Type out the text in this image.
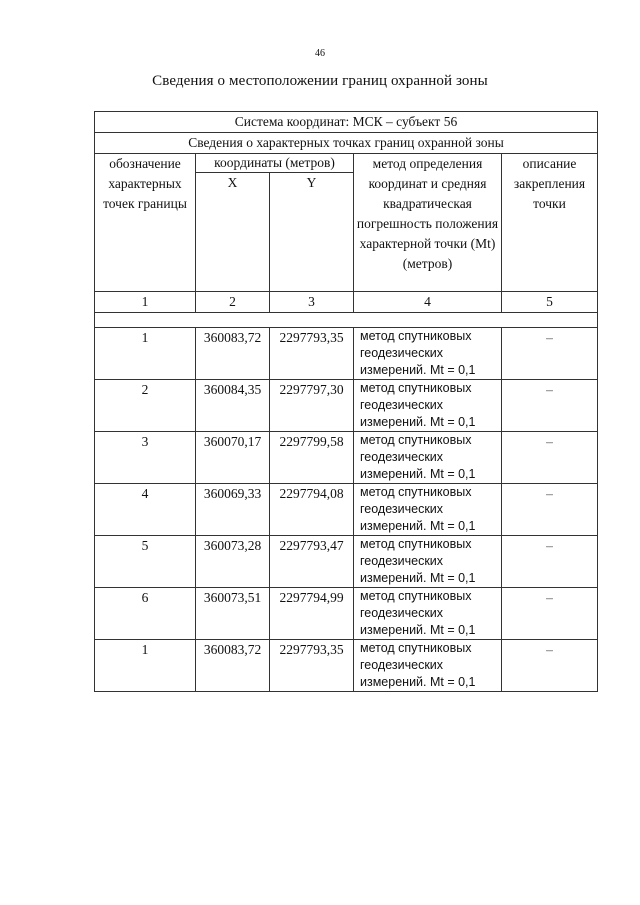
46
Сведения о местоположении границ охранной зоны
Система координат: МСК – субъект 56				
Сведения о характерных точках границ охранной зоны				
обозначение характерных точек границы	координаты (метров)		метод определения координат и средняя квадратическая погрешность положения характерной точки (Mt) (метров)	описание закрепления точки
	X	Y		
1	2	3	4	5

1	360083,72	2297793,35	метод спутниковых геодезических измерений. Mt = 0,1	–
2	360084,35	2297797,30	метод спутниковых геодезических измерений. Mt = 0,1	–
3	360070,17	2297799,58	метод спутниковых геодезических измерений. Mt = 0,1	–
4	360069,33	2297794,08	метод спутниковых геодезических измерений. Mt = 0,1	–
5	360073,28	2297793,47	метод спутниковых геодезических измерений. Mt = 0,1	–
6	360073,51	2297794,99	метод спутниковых геодезических измерений. Mt = 0,1	–
1	360083,72	2297793,35	метод спутниковых геодезических измерений. Mt = 0,1	–
